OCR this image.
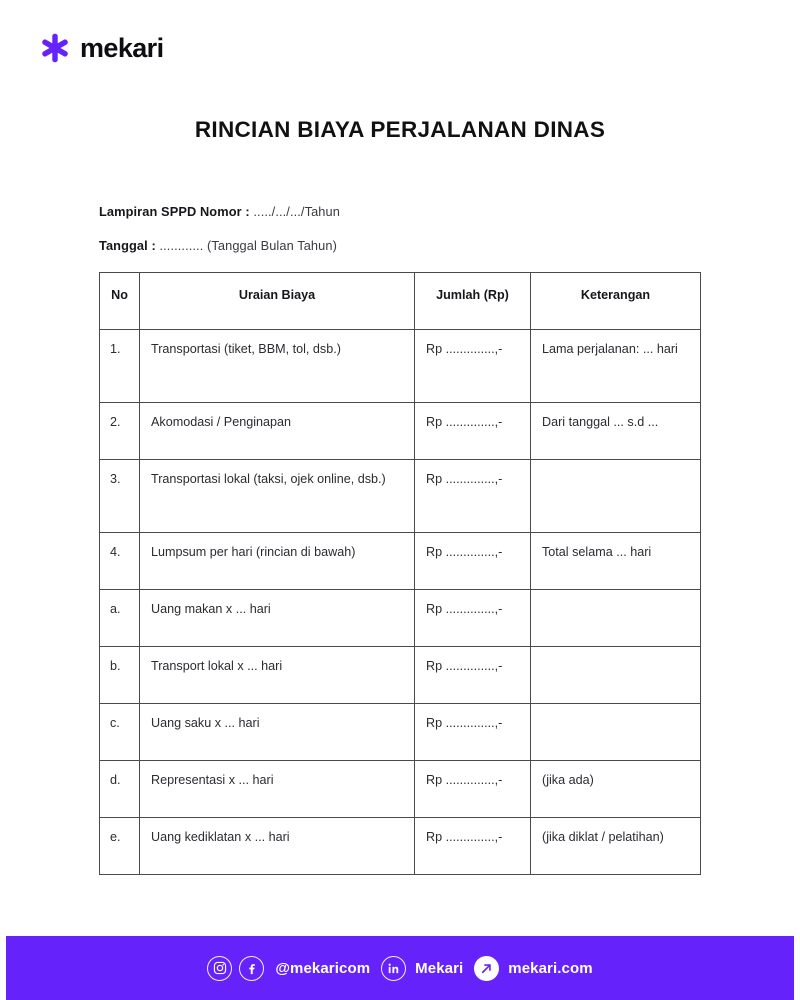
mekari
RINCIAN BIAYA PERJALANAN DINAS
Lampiran SPPD Nomor : ...../.../.../Tahun
Tanggal : ............ (Tanggal Bulan Tahun)
No	Uraian Biaya	Jumlah (Rp)	Keterangan
1.	Transportasi (tiket, BBM, tol, dsb.)	Rp ..............,-	Lama perjalanan: ... hari
2.	Akomodasi / Penginapan	Rp ..............,-	Dari tanggal ... s.d ...
3.	Transportasi lokal (taksi, ojek online, dsb.)	Rp ..............,-	
4.	Lumpsum per hari (rincian di bawah)	Rp ..............,-	Total selama ... hari
a.	Uang makan x ... hari	Rp ..............,-	
b.	Transport lokal x ... hari	Rp ..............,-	
c.	Uang saku x ... hari	Rp ..............,-	
d.	Representasi x ... hari	Rp ..............,-	(jika ada)
e.	Uang kediklatan x ... hari	Rp ..............,-	(jika diklat / pelatihan)
@mekaricom	Mekari	mekari.com
